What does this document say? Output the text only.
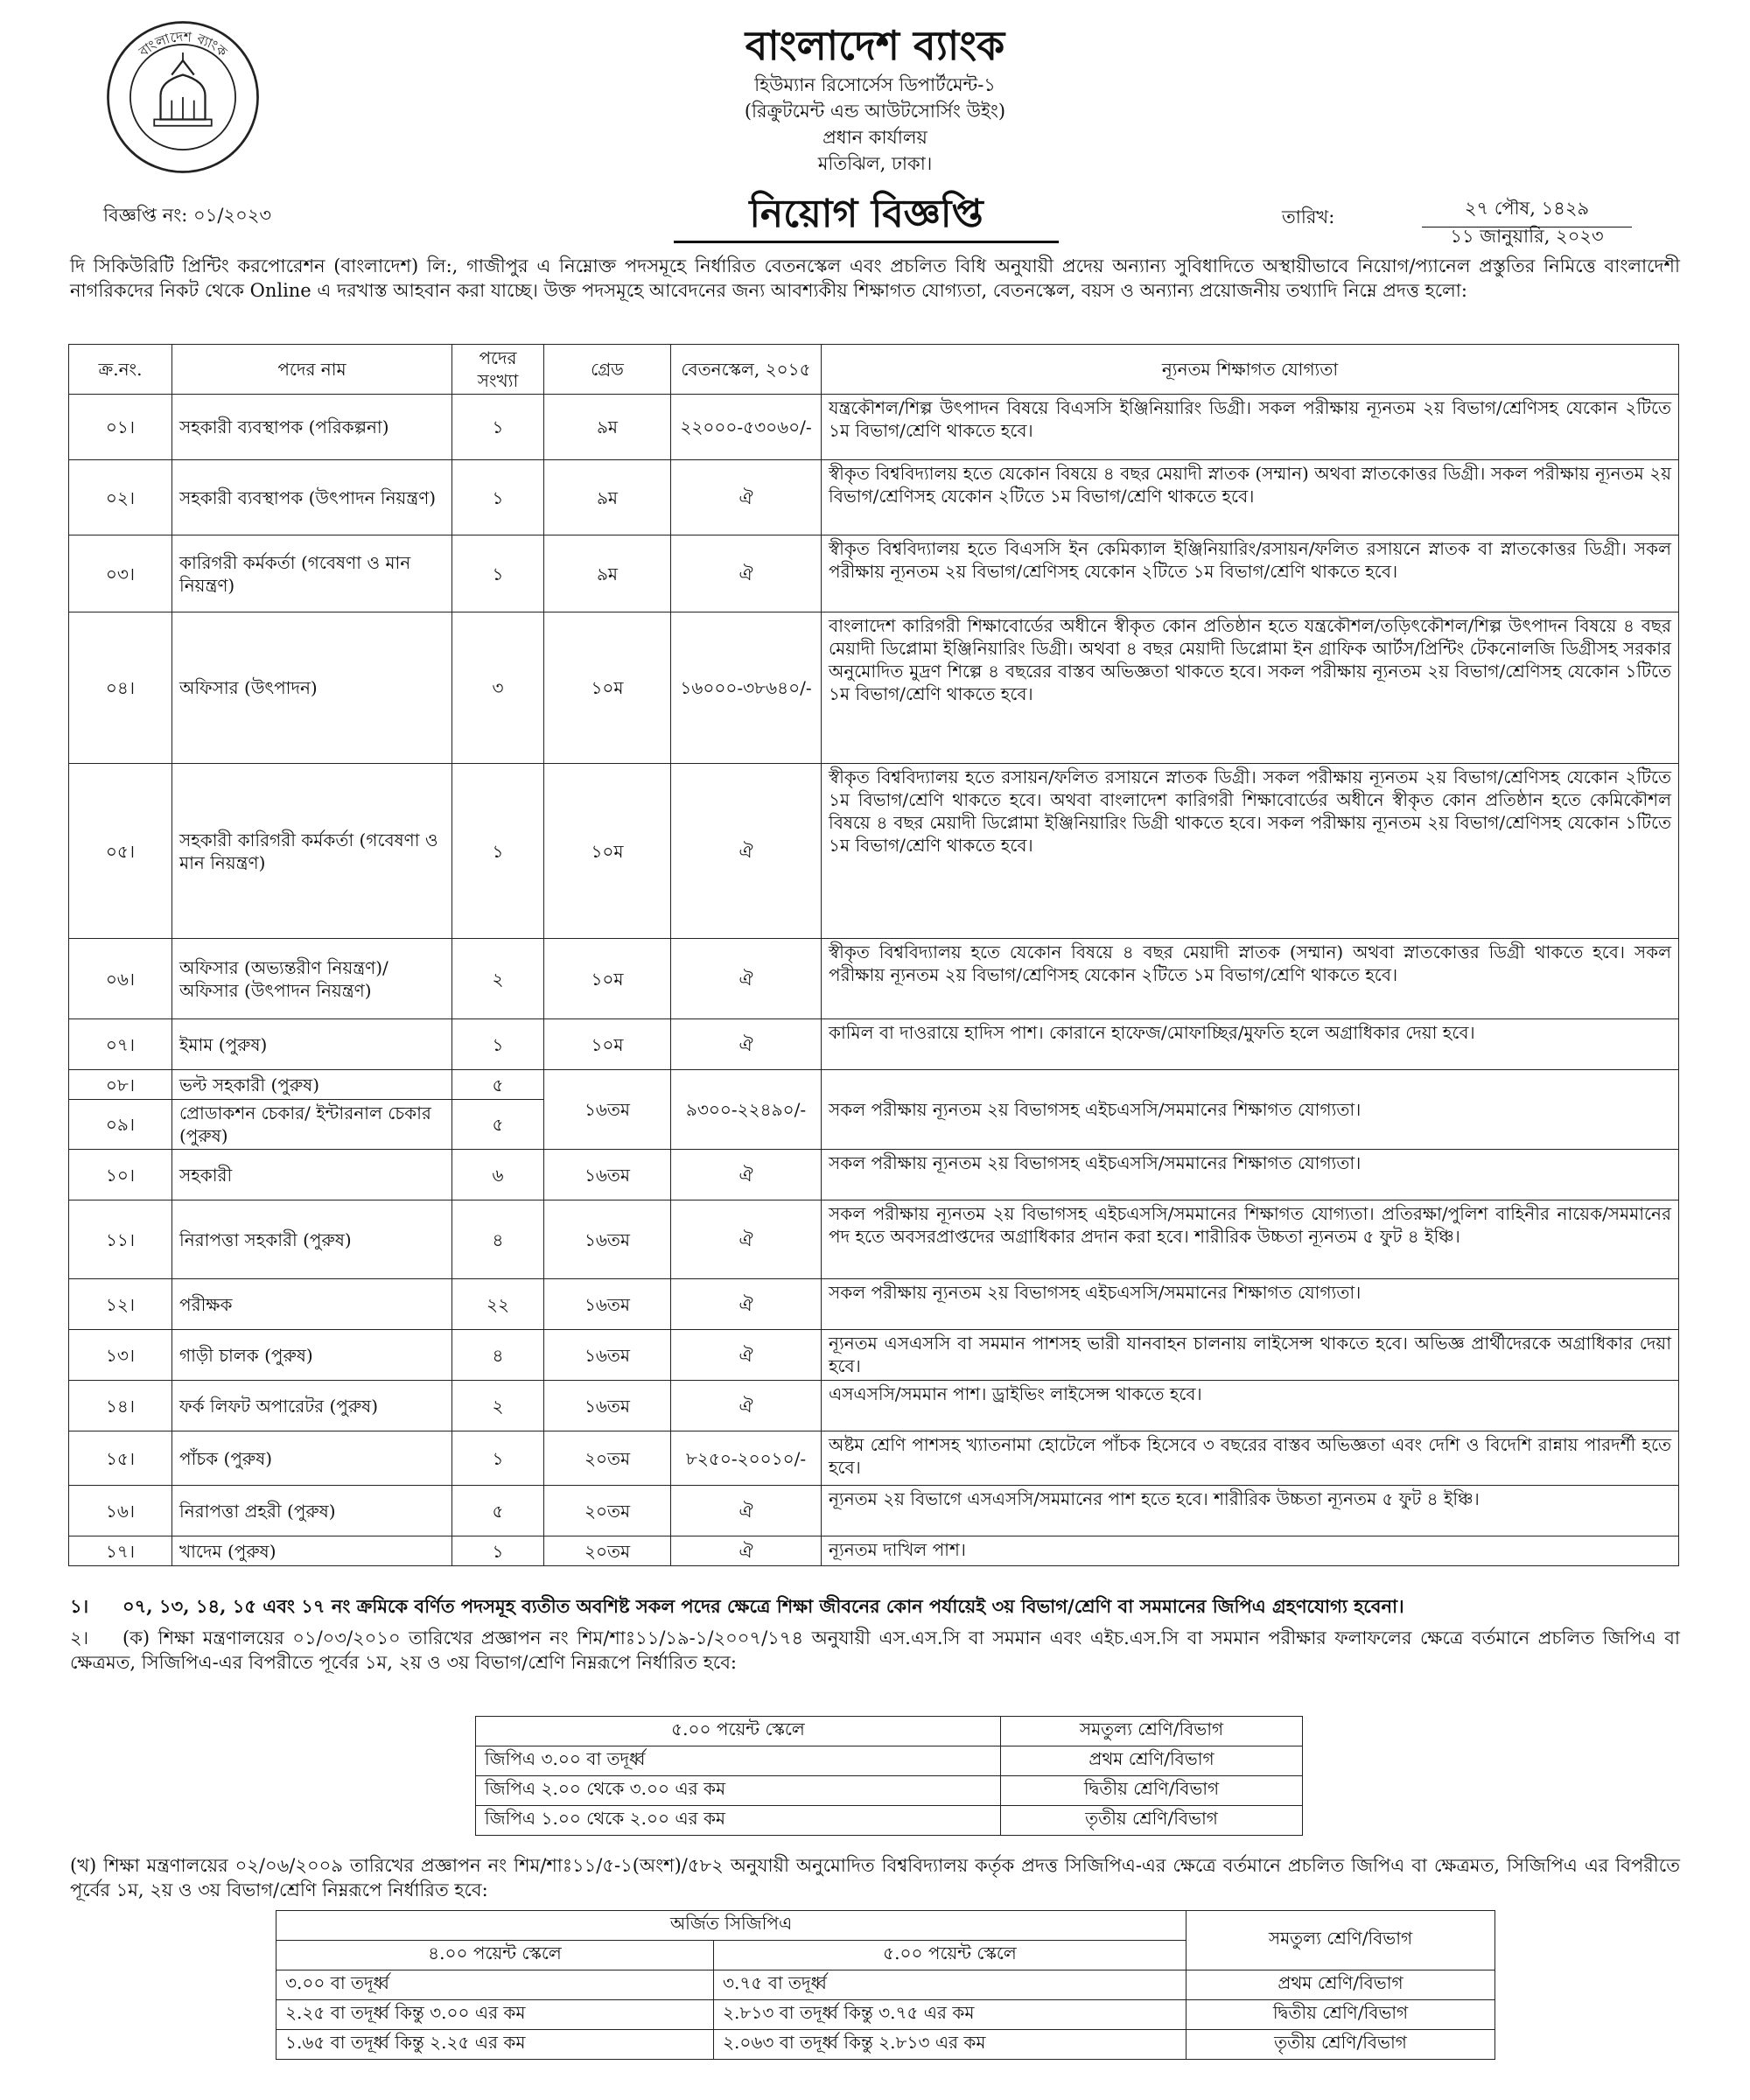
বাংলাদেশ ব্যাংক	বাংলাদেশ ব্যাংক
হিউম্যান রিসোর্সেস ডিপার্টমেন্ট-১
(রিক্রুটমেন্ট এন্ড আউটসোর্সিং উইং)
প্রধান কার্যালয়
মতিঝিল, ঢাকা।
বিজ্ঞপ্তি নং: ০১/২০২৩	নিয়োগ বিজ্ঞপ্তি	তারিখ:	২৭ পৌষ, ১৪২৯
১১ জানুয়ারি, ২০২৩

দি সিকিউরিটি প্রিন্টিং করপোরেশন (বাংলাদেশ) লি:, গাজীপুর এ নিম্নোক্ত পদসমূহে নির্ধারিত বেতনস্কেল এবং প্রচলিত বিধি অনুযায়ী প্রদেয় অন্যান্য সুবিধাদিতে অস্থায়ীভাবে নিয়োগ/প্যানেল প্রস্তুতির নিমিত্তে বাংলাদেশী নাগরিকদের নিকট থেকে Online এ দরখাস্ত আহবান করা যাচ্ছে। উক্ত পদসমূহে আবেদনের জন্য আবশ্যকীয় শিক্ষাগত যোগ্যতা, বেতনস্কেল, বয়স ও অন্যান্য প্রয়োজনীয় তথ্যাদি নিম্নে প্রদত্ত হলো:

ক্র.নং.	পদের নাম	পদের সংখ্যা	গ্রেড	বেতনস্কেল, ২০১৫	ন্যূনতম শিক্ষাগত যোগ্যতা
০১।	সহকারী ব্যবস্থাপক (পরিকল্পনা)	১	৯ম	২২০০০-৫৩০৬০/-	যন্ত্রকৌশল/শিল্প উৎপাদন বিষয়ে বিএসসি ইঞ্জিনিয়ারিং ডিগ্রী। সকল পরীক্ষায় ন্যূনতম ২য় বিভাগ/শ্রেণিসহ যেকোন ২টিতে ১ম বিভাগ/শ্রেণি থাকতে হবে।
০২।	সহকারী ব্যবস্থাপক (উৎপাদন নিয়ন্ত্রণ)	১	৯ম	ঐ	স্বীকৃত বিশ্ববিদ্যালয় হতে যেকোন বিষয়ে ৪ বছর মেয়াদী স্নাতক (সম্মান) অথবা স্নাতকোত্তর ডিগ্রী। সকল পরীক্ষায় ন্যূনতম ২য় বিভাগ/শ্রেণিসহ যেকোন ২টিতে ১ম বিভাগ/শ্রেণি থাকতে হবে।
০৩।	কারিগরী কর্মকর্তা (গবেষণা ও মান নিয়ন্ত্রণ)	১	৯ম	ঐ	স্বীকৃত বিশ্ববিদ্যালয় হতে বিএসসি ইন কেমিক্যাল ইঞ্জিনিয়ারিং/রসায়ন/ফলিত রসায়নে স্নাতক বা স্নাতকোত্তর ডিগ্রী। সকল পরীক্ষায় ন্যূনতম ২য় বিভাগ/শ্রেণিসহ যেকোন ২টিতে ১ম বিভাগ/শ্রেণি থাকতে হবে।
০৪।	অফিসার (উৎপাদন)	৩	১০ম	১৬০০০-৩৮৬৪০/-	বাংলাদেশ কারিগরী শিক্ষাবোর্ডের অধীনে স্বীকৃত কোন প্রতিষ্ঠান হতে যন্ত্রকৌশল/তড়িৎকৌশল/শিল্প উৎপাদন বিষয়ে ৪ বছর মেয়াদী ডিপ্লোমা ইঞ্জিনিয়ারিং ডিগ্রী। অথবা ৪ বছর মেয়াদী ডিপ্লোমা ইন গ্রাফিক আর্টস/প্রিন্টিং টেকনোলজি ডিগ্রীসহ সরকার অনুমোদিত মুদ্রণ শিল্পে ৪ বছরের বাস্তব অভিজ্ঞতা থাকতে হবে। সকল পরীক্ষায় ন্যূনতম ২য় বিভাগ/শ্রেণিসহ যেকোন ১টিতে ১ম বিভাগ/শ্রেণি থাকতে হবে।
০৫।	সহকারী কারিগরী কর্মকর্তা (গবেষণা ও মান নিয়ন্ত্রণ)	১	১০ম	ঐ	স্বীকৃত বিশ্ববিদ্যালয় হতে রসায়ন/ফলিত রসায়নে স্নাতক ডিগ্রী। সকল পরীক্ষায় ন্যূনতম ২য় বিভাগ/শ্রেণিসহ যেকোন ২টিতে ১ম বিভাগ/শ্রেণি থাকতে হবে। অথবা বাংলাদেশ কারিগরী শিক্ষাবোর্ডের অধীনে স্বীকৃত কোন প্রতিষ্ঠান হতে কেমিকৌশল বিষয়ে ৪ বছর মেয়াদী ডিপ্লোমা ইঞ্জিনিয়ারিং ডিগ্রী থাকতে হবে। সকল পরীক্ষায় ন্যূনতম ২য় বিভাগ/শ্রেণিসহ যেকোন ১টিতে ১ম বিভাগ/শ্রেণি থাকতে হবে।
০৬।	অফিসার (অভ্যন্তরীণ নিয়ন্ত্রণ)/ অফিসার (উৎপাদন নিয়ন্ত্রণ)	২	১০ম	ঐ	স্বীকৃত বিশ্ববিদ্যালয় হতে যেকোন বিষয়ে ৪ বছর মেয়াদী স্নাতক (সম্মান) অথবা স্নাতকোত্তর ডিগ্রী থাকতে হবে। সকল পরীক্ষায় ন্যূনতম ২য় বিভাগ/শ্রেণিসহ যেকোন ২টিতে ১ম বিভাগ/শ্রেণি থাকতে হবে।
০৭।	ইমাম (পুরুষ)	১	১০ম	ঐ	কামিল বা দাওরায়ে হাদিস পাশ। কোরানে হাফেজ/মোফাচ্ছির/মুফতি হলে অগ্রাধিকার দেয়া হবে।
০৮।	ভল্ট সহকারী (পুরুষ)	৫	১৬তম	৯৩০০-২২৪৯০/-	সকল পরীক্ষায় ন্যূনতম ২য় বিভাগসহ এইচএসসি/সমমানের শিক্ষাগত যোগ্যতা।
০৯।	প্রোডাকশন চেকার/ ইন্টারনাল চেকার (পুরুষ)	৫			
১০।	সহকারী	৬	১৬তম	ঐ	সকল পরীক্ষায় ন্যূনতম ২য় বিভাগসহ এইচএসসি/সমমানের শিক্ষাগত যোগ্যতা।
১১।	নিরাপত্তা সহকারী (পুরুষ)	৪	১৬তম	ঐ	সকল পরীক্ষায় ন্যূনতম ২য় বিভাগসহ এইচএসসি/সমমানের শিক্ষাগত যোগ্যতা। প্রতিরক্ষা/পুলিশ বাহিনীর নায়েক/সমমানের পদ হতে অবসরপ্রাপ্তদের অগ্রাধিকার প্রদান করা হবে। শারীরিক উচ্চতা ন্যূনতম ৫ ফুট ৪ ইঞ্চি।
১২।	পরীক্ষক	২২	১৬তম	ঐ	সকল পরীক্ষায় ন্যূনতম ২য় বিভাগসহ এইচএসসি/সমমানের শিক্ষাগত যোগ্যতা।
১৩।	গাড়ী চালক (পুরুষ)	৪	১৬তম	ঐ	ন্যূনতম এসএসসি বা সমমান পাশসহ ভারী যানবাহন চালনায় লাইসেন্স থাকতে হবে। অভিজ্ঞ প্রার্থীদেরকে অগ্রাধিকার দেয়া হবে।
১৪।	ফর্ক লিফট অপারেটর (পুরুষ)	২	১৬তম	ঐ	এসএসসি/সমমান পাশ। ড্রাইভিং লাইসেন্স থাকতে হবে।
১৫।	পাঁচক (পুরুষ)	১	২০তম	৮২৫০-২০০১০/-	অষ্টম শ্রেণি পাশসহ খ্যাতনামা হোটেলে পাঁচক হিসেবে ৩ বছরের বাস্তব অভিজ্ঞতা এবং দেশি ও বিদেশি রান্নায় পারদর্শী হতে হবে।
১৬।	নিরাপত্তা প্রহরী (পুরুষ)	৫	২০তম	ঐ	ন্যূনতম ২য় বিভাগে এসএসসি/সমমানের পাশ হতে হবে। শারীরিক উচ্চতা ন্যূনতম ৫ ফুট ৪ ইঞ্চি।
১৭।	খাদেম (পুরুষ)	১	২০তম	ঐ	ন্যূনতম দাখিল পাশ।

১। ০৭, ১৩, ১৪, ১৫ এবং ১৭ নং ক্রমিকে বর্ণিত পদসমূহ ব্যতীত অবশিষ্ট সকল পদের ক্ষেত্রে শিক্ষা জীবনের কোন পর্যায়েই ৩য় বিভাগ/শ্রেণি বা সমমানের জিপিএ গ্রহণযোগ্য হবেনা।

২। (ক) শিক্ষা মন্ত্রণালয়ের ০১/০৩/২০১০ তারিখের প্রজ্ঞাপন নং শিম/শাঃ১১/১৯-১/২০০৭/১৭৪ অনুযায়ী এস.এস.সি বা সমমান এবং এইচ.এস.সি বা সমমান পরীক্ষার ফলাফলের ক্ষেত্রে বর্তমানে প্রচলিত জিপিএ বা ক্ষেত্রমত, সিজিপিএ-এর বিপরীতে পূর্বের ১ম, ২য় ও ৩য় বিভাগ/শ্রেণি নিম্নরূপে নির্ধারিত হবে:

৫.০০ পয়েন্ট স্কেলে	সমতুল্য শ্রেণি/বিভাগ
জিপিএ ৩.০০ বা তদূর্ধ্ব	প্রথম শ্রেণি/বিভাগ
জিপিএ ২.০০ থেকে ৩.০০ এর কম	দ্বিতীয় শ্রেণি/বিভাগ
জিপিএ ১.০০ থেকে ২.০০ এর কম	তৃতীয় শ্রেণি/বিভাগ

(খ) শিক্ষা মন্ত্রণালয়ের ০২/০৬/২০০৯ তারিখের প্রজ্ঞাপন নং শিম/শাঃ১১/৫-১(অংশ)/৫৮২ অনুযায়ী অনুমোদিত বিশ্ববিদ্যালয় কর্তৃক প্রদত্ত সিজিপিএ-এর ক্ষেত্রে বর্তমানে প্রচলিত জিপিএ বা ক্ষেত্রমত, সিজিপিএ এর বিপরীতে পূর্বের ১ম, ২য় ও ৩য় বিভাগ/শ্রেণি নিম্নরূপে নির্ধারিত হবে:

অর্জিত সিজিপিএ		সমতুল্য শ্রেণি/বিভাগ
৪.০০ পয়েন্ট স্কেলে	৫.০০ পয়েন্ট স্কেলে	
৩.০০ বা তদূর্ধ্ব	৩.৭৫ বা তদূর্ধ্ব	প্রথম শ্রেণি/বিভাগ
২.২৫ বা তদূর্ধ্ব কিন্তু ৩.০০ এর কম	২.৮১৩ বা তদূর্ধ্ব কিন্তু ৩.৭৫ এর কম	দ্বিতীয় শ্রেণি/বিভাগ
১.৬৫ বা তদূর্ধ্ব কিন্তু ২.২৫ এর কম	২.০৬৩ বা তদূর্ধ্ব কিন্তু ২.৮১৩ এর কম	তৃতীয় শ্রেণি/বিভাগ
